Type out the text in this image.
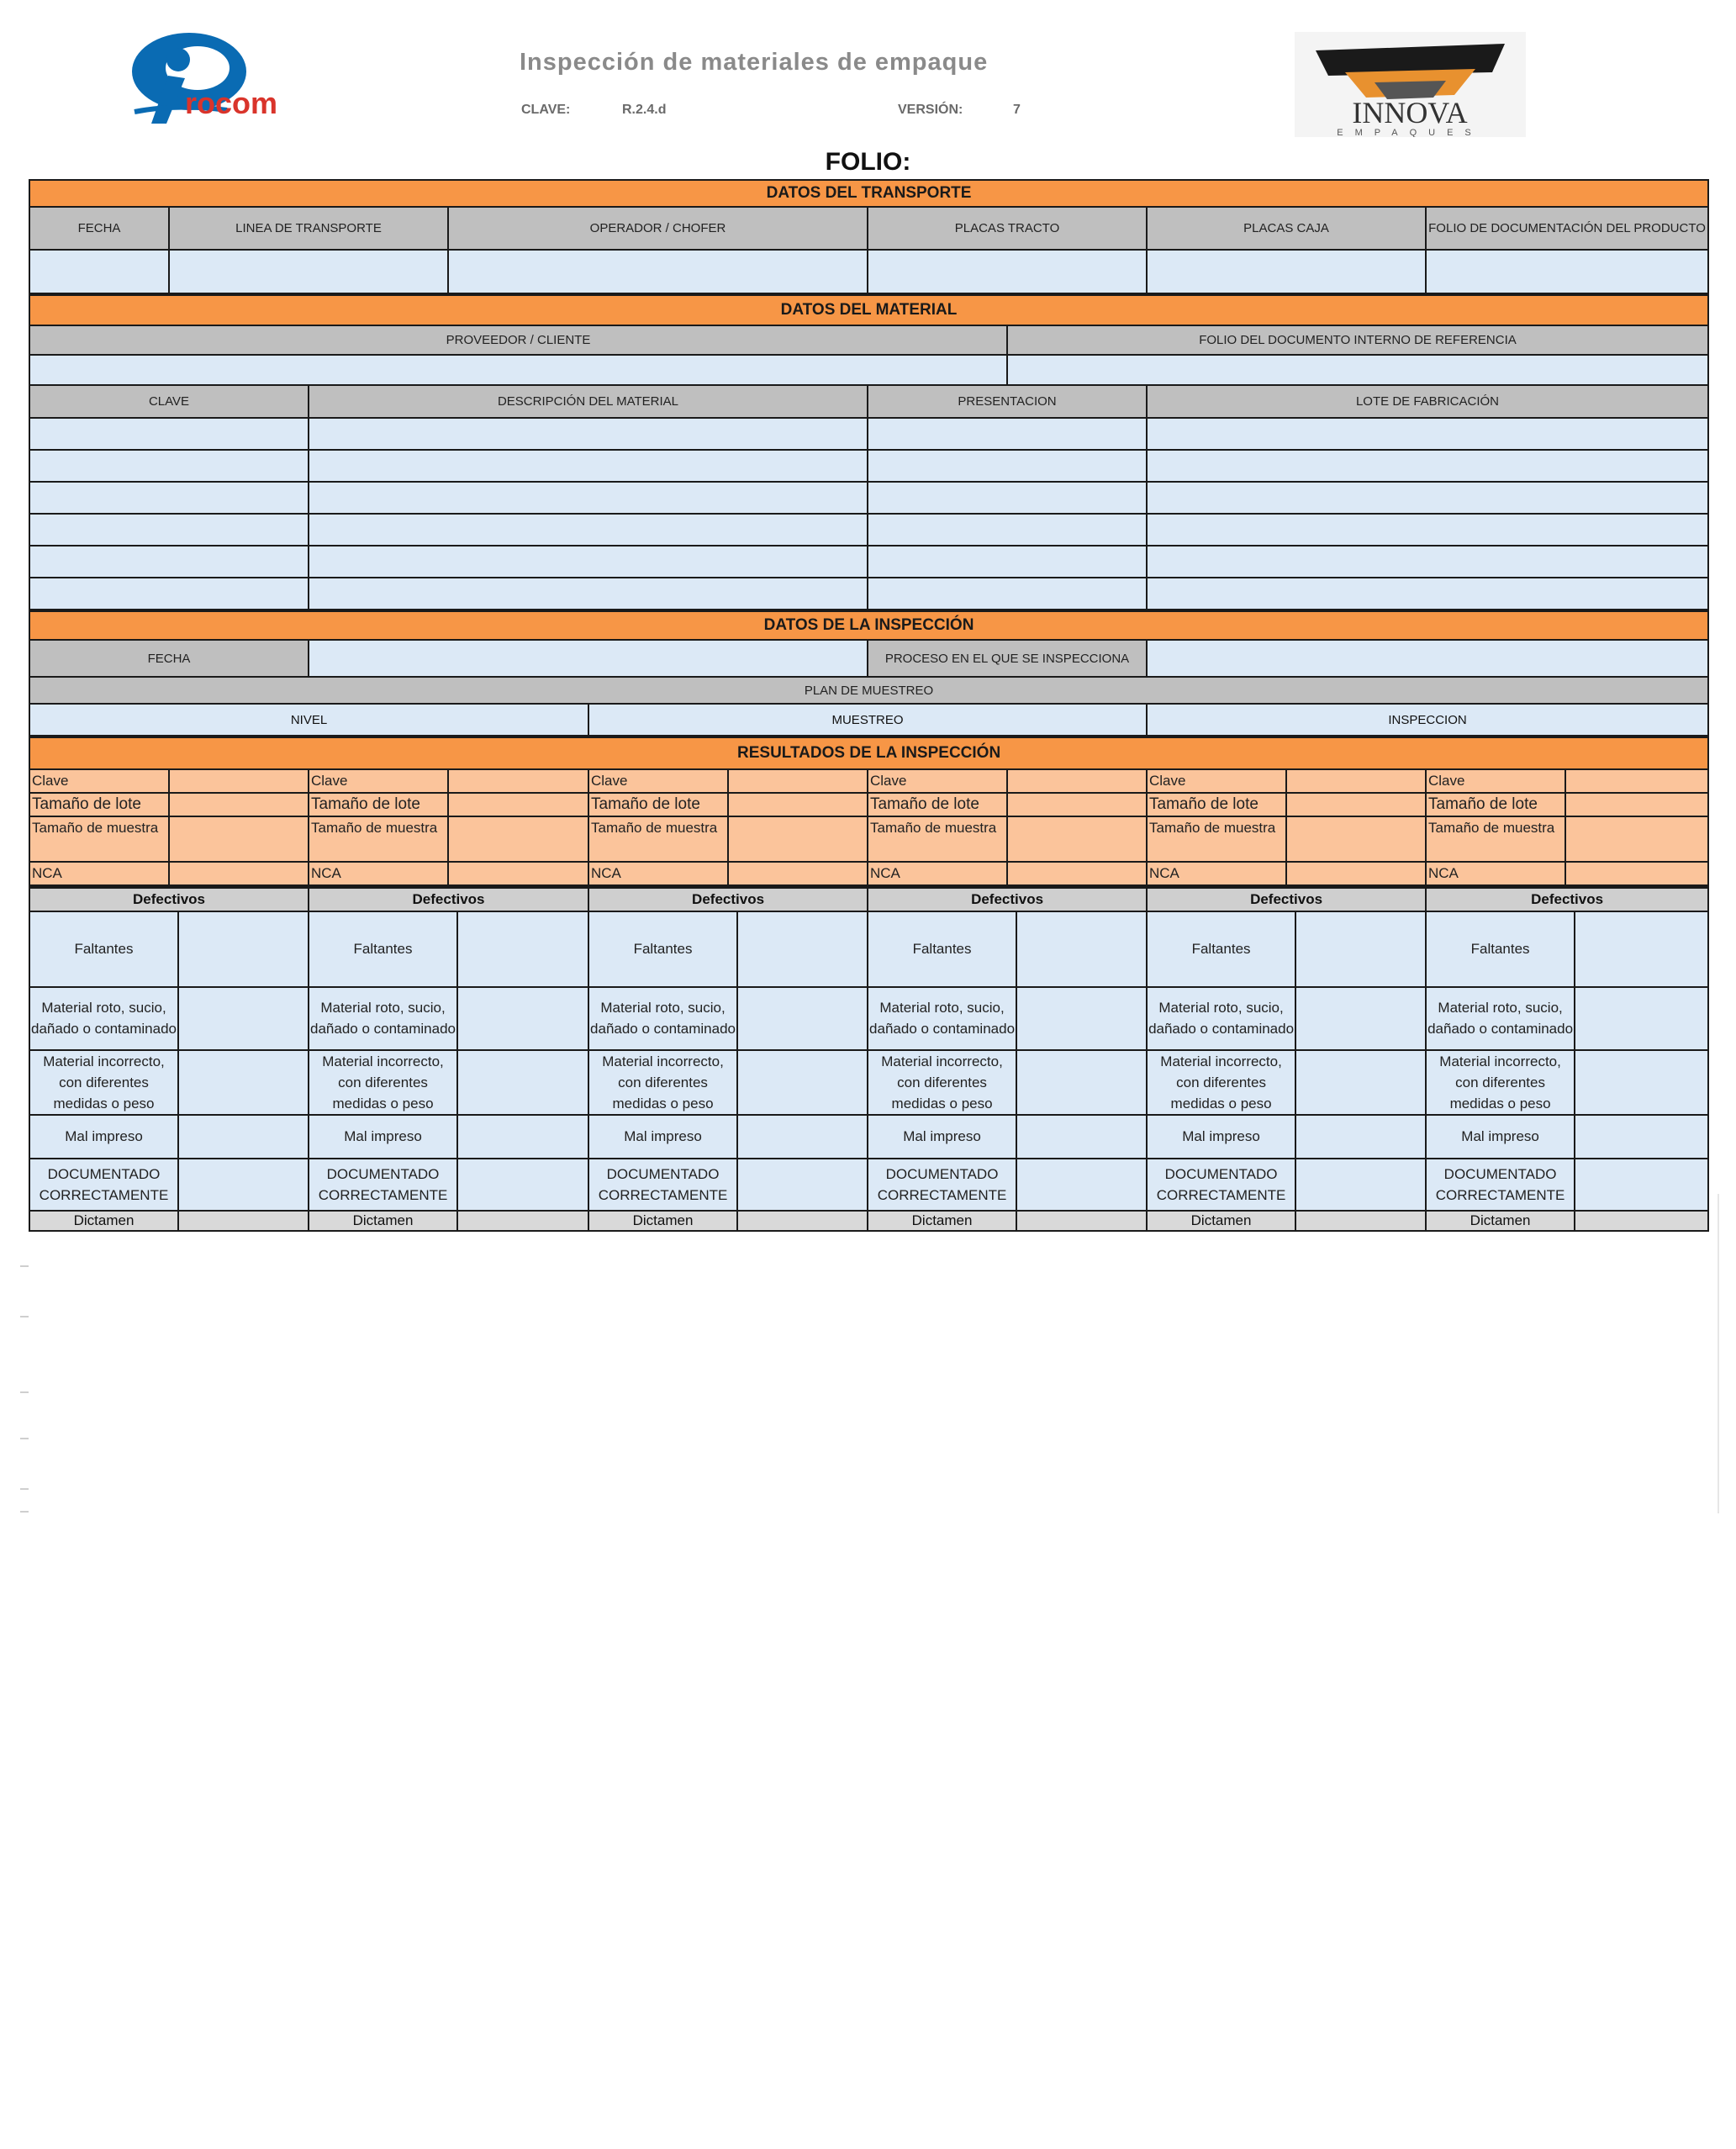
rocom
Inspección de materiales de empaque
CLAVE:	R.2.4.d	VERSIÓN:	7	INNOVA
EMPAQUES
FOLIO:
DATOS DEL TRANSPORTE					
FECHA	LINEA DE TRANSPORTE	OPERADOR / CHOFER	PLACAS TRACTO	PLACAS CAJA	FOLIO DE DOCUMENTACIÓN DEL PRODUCTO

DATOS DEL MATERIAL				
PROVEEDOR / CLIENTE			FOLIO DEL DOCUMENTO INTERNO DE REFERENCIA	

CLAVE	DESCRIPCIÓN DEL MATERIAL	PRESENTACION		LOTE DE FABRICACIÓN

DATOS DE LA INSPECCIÓN				
FECHA			PROCESO EN EL QUE SE INSPECCIONA	
PLAN DE MUESTREO				
NIVEL		MUESTREO		INSPECCION
RESULTADOS DE LA INSPECCIÓN											
Clave		Clave		Clave		Clave		Clave		Clave	
Tamaño de lote		Tamaño de lote		Tamaño de lote		Tamaño de lote		Tamaño de lote		Tamaño de lote	
Tamaño de muestra		Tamaño de muestra		Tamaño de muestra		Tamaño de muestra		Tamaño de muestra		Tamaño de muestra	
NCA		NCA		NCA		NCA		NCA		NCA	
Defectivos		Defectivos		Defectivos		Defectivos		Defectivos		Defectivos	
Faltantes		Faltantes		Faltantes		Faltantes		Faltantes		Faltantes	
Material roto, sucio, dañado o contaminado		Material roto, sucio, dañado o contaminado		Material roto, sucio, dañado o contaminado		Material roto, sucio, dañado o contaminado		Material roto, sucio, dañado o contaminado		Material roto, sucio, dañado o contaminado	
Material incorrecto, con diferentes medidas o peso		Material incorrecto, con diferentes medidas o peso		Material incorrecto, con diferentes medidas o peso		Material incorrecto, con diferentes medidas o peso		Material incorrecto, con diferentes medidas o peso		Material incorrecto, con diferentes medidas o peso	
Mal impreso		Mal impreso		Mal impreso		Mal impreso		Mal impreso		Mal impreso	
DOCUMENTADO CORRECTAMENTE		DOCUMENTADO CORRECTAMENTE		DOCUMENTADO CORRECTAMENTE		DOCUMENTADO CORRECTAMENTE		DOCUMENTADO CORRECTAMENTE		DOCUMENTADO CORRECTAMENTE	
Dictamen		Dictamen		Dictamen		Dictamen		Dictamen		Dictamen	
